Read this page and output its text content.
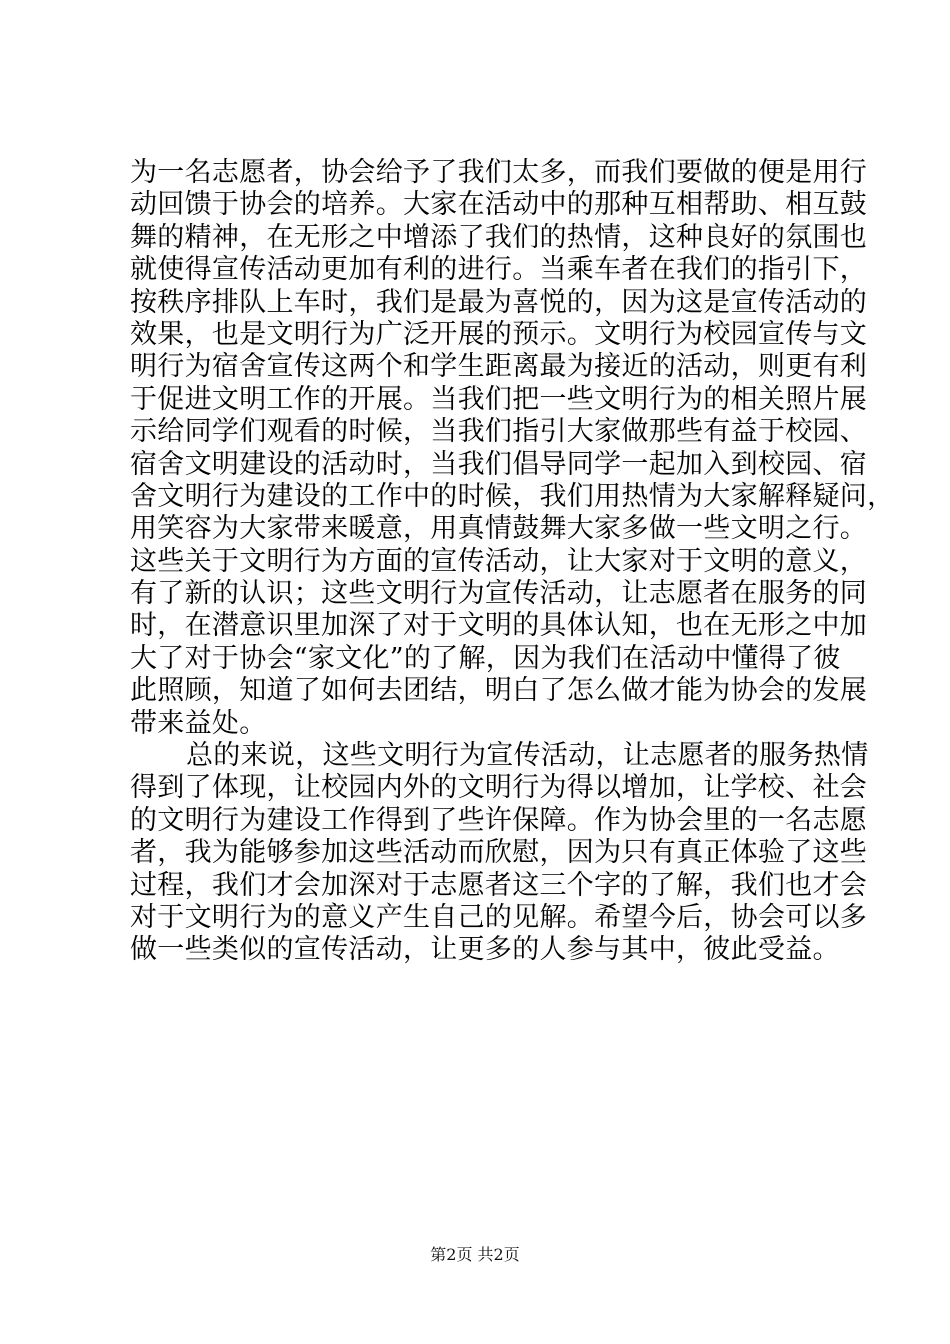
为一名志愿者，协会给予了我们太多，而我们要做的便是用行
动回馈于协会的培养。大家在活动中的那种互相帮助、相互鼓
舞的精神，在无形之中增添了我们的热情，这种良好的氛围也
就使得宣传活动更加有利的进行。当乘车者在我们的指引下，
按秩序排队上车时，我们是最为喜悦的，因为这是宣传活动的
效果，也是文明行为广泛开展的预示。文明行为校园宣传与文
明行为宿舍宣传这两个和学生距离最为接近的活动，则更有利
于促进文明工作的开展。当我们把一些文明行为的相关照片展
示给同学们观看的时候，当我们指引大家做那些有益于校园、
宿舍文明建设的活动时，当我们倡导同学一起加入到校园、宿
舍文明行为建设的工作中的时候，我们用热情为大家解释疑问，
用笑容为大家带来暖意，用真情鼓舞大家多做一些文明之行。
这些关于文明行为方面的宣传活动，让大家对于文明的意义，
有了新的认识；这些文明行为宣传活动，让志愿者在服务的同
时，在潜意识里加深了对于文明的具体认知，也在无形之中加
大了对于协会“家文化”的了解，因为我们在活动中懂得了彼
此照顾，知道了如何去团结，明白了怎么做才能为协会的发展
带来益处。
总的来说，这些文明行为宣传活动，让志愿者的服务热情
得到了体现，让校园内外的文明行为得以增加，让学校、社会
的文明行为建设工作得到了些许保障。作为协会里的一名志愿
者，我为能够参加这些活动而欣慰，因为只有真正体验了这些
过程，我们才会加深对于志愿者这三个字的了解，我们也才会
对于文明行为的意义产生自己的见解。希望今后，协会可以多
做一些类似的宣传活动，让更多的人参与其中，彼此受益。
第2页 共2页
